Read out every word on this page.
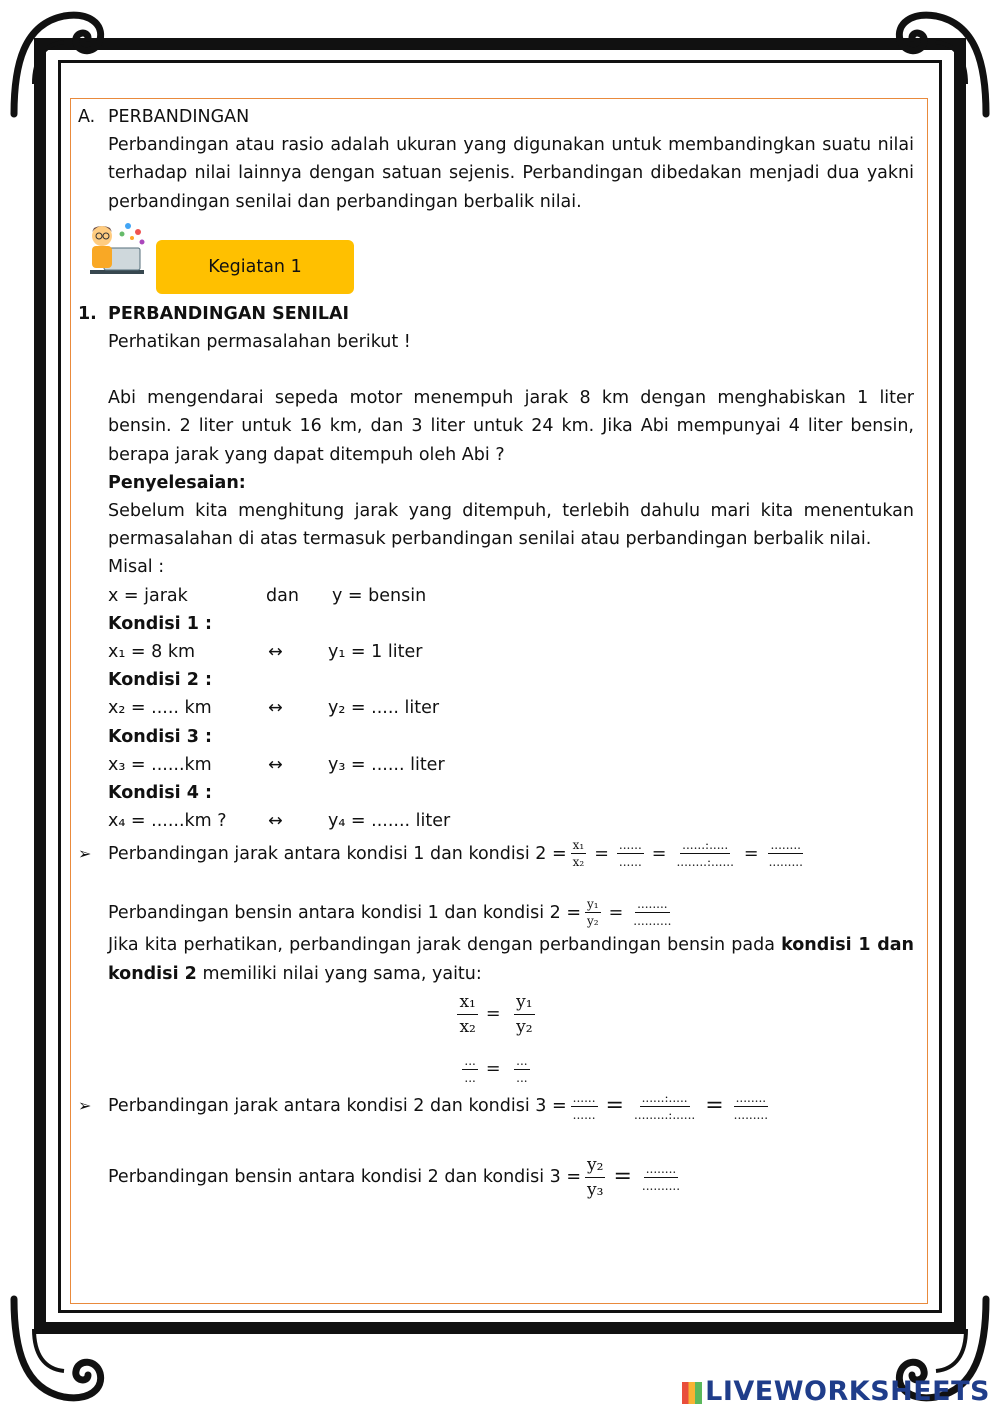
A. PERBANDINGAN
Perbandingan atau rasio adalah ukuran yang digunakan untuk membandingkan suatu nilai terhadap nilai lainnya dengan satuan sejenis. Perbandingan dibedakan menjadi dua yakni perbandingan senilai dan perbandingan berbalik nilai.
Kegiatan 1
1. PERBANDINGAN SENILAI
Perhatikan permasalahan berikut !
Abi mengendarai sepeda motor menempuh jarak 8 km dengan menghabiskan 1 liter bensin. 2 liter untuk 16 km, dan 3 liter untuk 24 km. Jika Abi mempunyai 4 liter bensin, berapa jarak yang dapat ditempuh oleh Abi ?
Penyelesaian:
Sebelum kita menghitung jarak yang ditempuh, terlebih dahulu mari kita menentukan permasalahan di atas termasuk perbandingan senilai atau perbandingan berbalik nilai.
Misal :
x = jarak	dan	y = bensin
Kondisi 1 :
x₁ = 8 km	↔	y₁ = 1 liter
Kondisi 2 :
x₂ = ..... km	↔	y₂ = ..... liter
Kondisi 3 :
x₃ = ......km	↔	y₃ = ...... liter
Kondisi 4 :
x₄ = ......km ?	↔	y₄ = ....... liter
➢ Perbandingan jarak antara kondisi 1 dan kondisi $2 = \frac{\text{x₁}}{\text{x₂}} = \frac{......}{......} = \frac{......:.....}{........:......} = \frac{........}{.........}$
Perbandingan bensin antara kondisi 1 dan kondisi $2 = \frac{\text{y₁}}{\text{y₂}} = \frac{........}{..........}$
Jika kita perhatikan, perbandingan jarak dengan perbandingan bensin pada kondisi 1 dan kondisi 2 memiliki nilai yang sama, yaitu:
$\frac{\text{x₁}}{\text{x₂}} = \frac{\text{y₁}}{\text{y₂}}$
$\frac{...}{...} = \frac{...}{...}$
➢ Perbandingan jarak antara kondisi 2 dan kondisi $3 = \frac{......}{......} = \frac{......:.....}{.........:......} = \frac{........}{.........}$
Perbandingan bensin antara kondisi 2 dan kondisi $3 = \frac{\text{y₂}}{\text{y₃}} = \frac{........}{..........}$
LIVEWORKSHEETS
